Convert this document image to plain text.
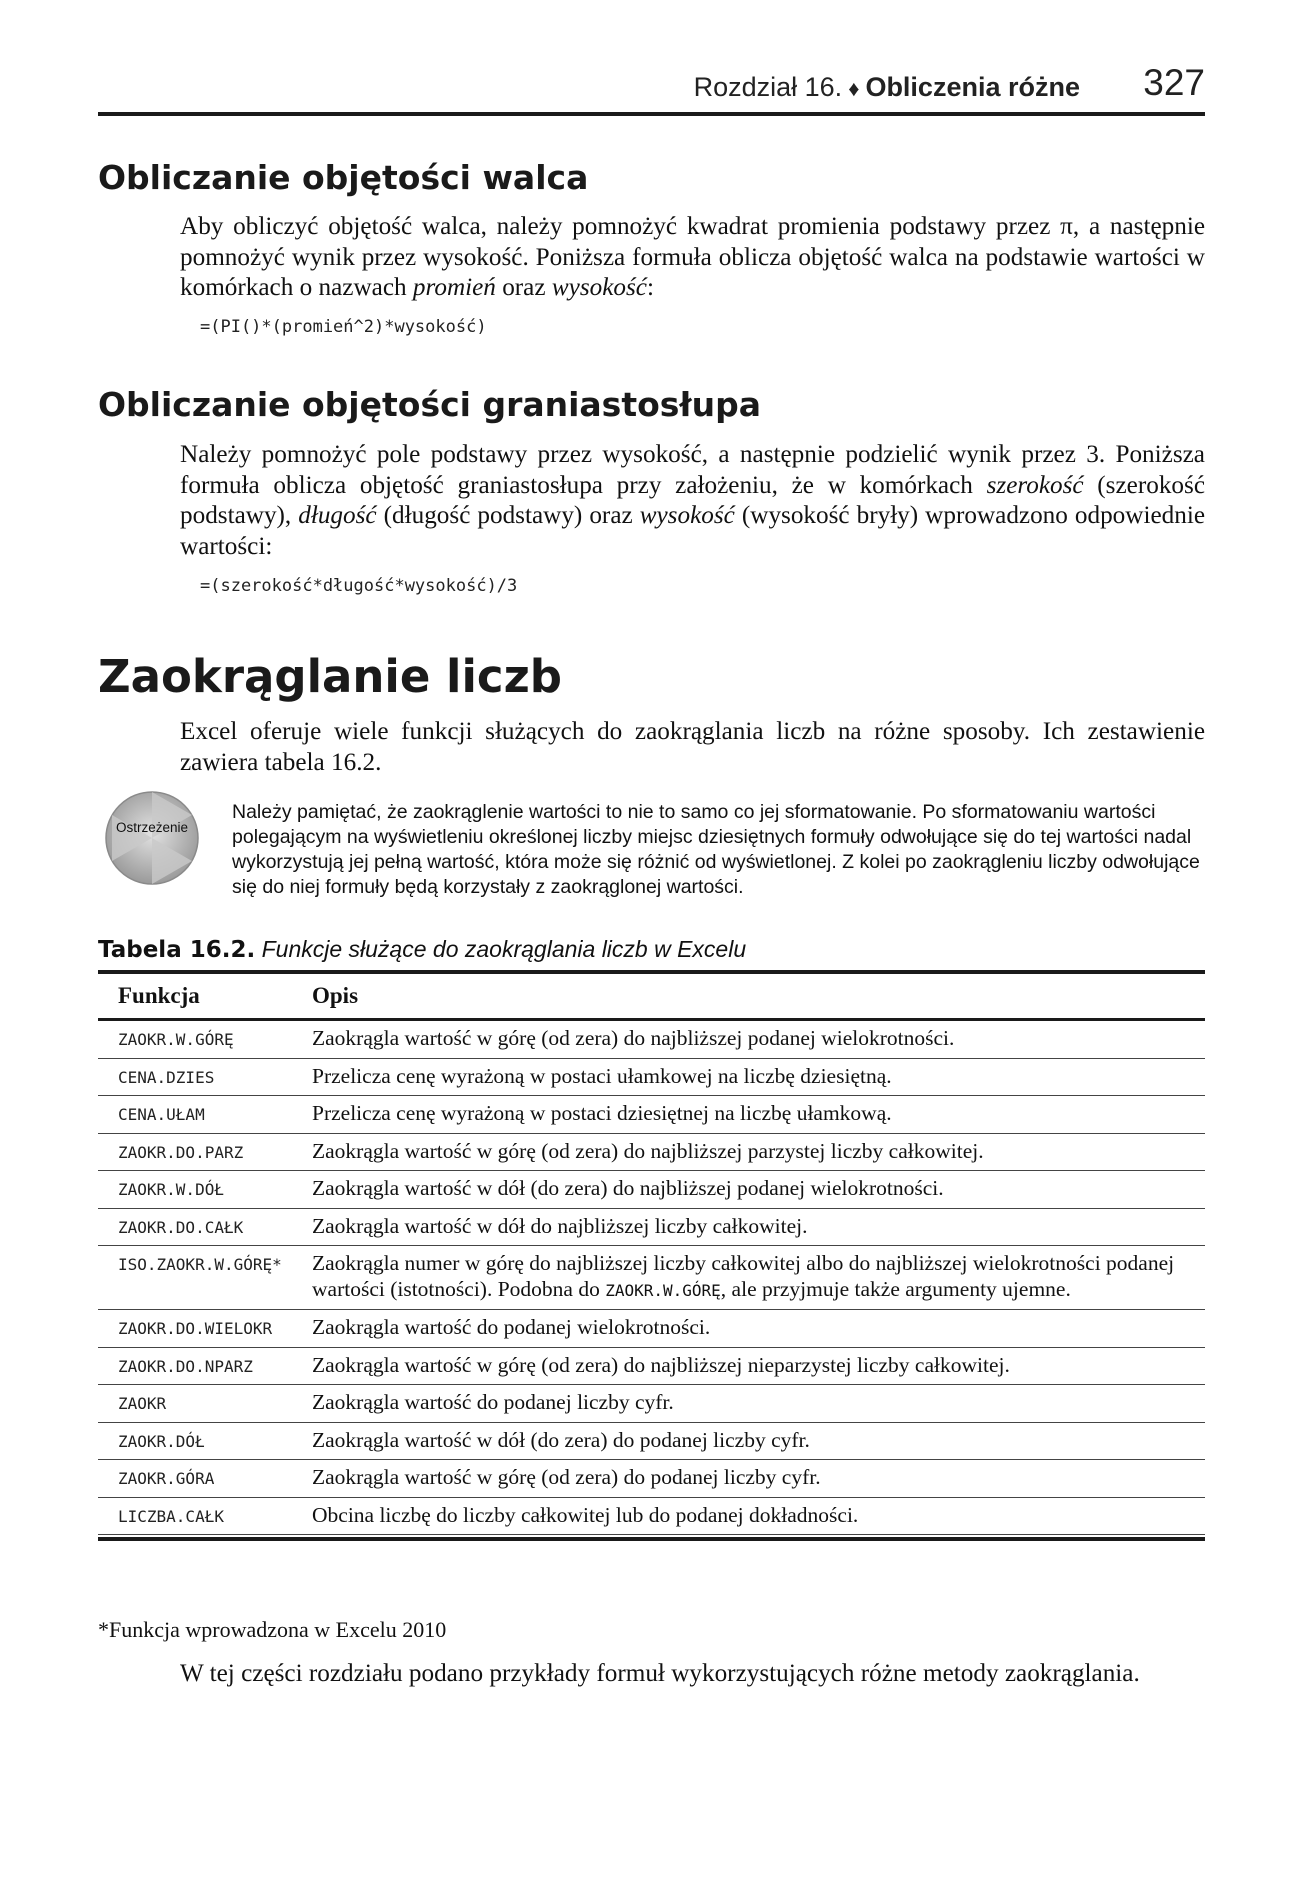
Rozdział 16. ♦ Obliczenia różne 327
Obliczanie objętości walca

Aby obliczyć objętość walca, należy pomnożyć kwadrat promienia podstawy przez π, a następnie pomnożyć wynik przez wysokość. Poniższa formuła oblicza objętość walca na podstawie wartości w komórkach o nazwach promień oraz wysokość:

=(PI()*(promień^2)*wysokość)

Obliczanie objętości graniastosłupa

Należy pomnożyć pole podstawy przez wysokość, a następnie podzielić wynik przez 3. Poniższa formuła oblicza objętość graniastosłupa przy założeniu, że w komórkach szerokość (szerokość podstawy), długość (długość podstawy) oraz wysokość (wysokość bryły) wprowadzono odpowiednie wartości:

=(szerokość*długość*wysokość)/3

Zaokrąglanie liczb

Excel oferuje wiele funkcji służących do zaokrąglania liczb na różne sposoby. Ich zestawienie zawiera tabela 16.2.

Ostrzeżenie

Należy pamiętać, że zaokrąglenie wartości to nie to samo co jej sformatowanie. Po sformatowaniu wartości polegającym na wyświetleniu określonej liczby miejsc dziesiętnych formuły odwołujące się do tej wartości nadal wykorzystują jej pełną wartość, która może się różnić od wyświetlonej. Z kolei po zaokrągleniu liczby odwołujące się do niej formuły będą korzystały z zaokrąglonej wartości.

Tabela 16.2. Funkcje służące do zaokrąglania liczb w Excelu

Funkcja	Opis
ZAOKR.W.GÓRĘ	Zaokrągla wartość w górę (od zera) do najbliższej podanej wielokrotności.
CENA.DZIES	Przelicza cenę wyrażoną w postaci ułamkowej na liczbę dziesiętną.
CENA.UŁAM	Przelicza cenę wyrażoną w postaci dziesiętnej na liczbę ułamkową.
ZAOKR.DO.PARZ	Zaokrągla wartość w górę (od zera) do najbliższej parzystej liczby całkowitej.
ZAOKR.W.DÓŁ	Zaokrągla wartość w dół (do zera) do najbliższej podanej wielokrotności.
ZAOKR.DO.CAŁK	Zaokrągla wartość w dół do najbliższej liczby całkowitej.
ISO.ZAOKR.W.GÓRĘ*	Zaokrągla numer w górę do najbliższej liczby całkowitej albo do najbliższej wielokrotności podanej wartości (istotności). Podobna do ZAOKR.W.GÓRĘ, ale przyjmuje także argumenty ujemne.
ZAOKR.DO.WIELOKR	Zaokrągla wartość do podanej wielokrotności.
ZAOKR.DO.NPARZ	Zaokrągla wartość w górę (od zera) do najbliższej nieparzystej liczby całkowitej.
ZAOKR	Zaokrągla wartość do podanej liczby cyfr.
ZAOKR.DÓŁ	Zaokrągla wartość w dół (do zera) do podanej liczby cyfr.
ZAOKR.GÓRA	Zaokrągla wartość w górę (od zera) do podanej liczby cyfr.
LICZBA.CAŁK	Obcina liczbę do liczby całkowitej lub do podanej dokładności.

*Funkcja wprowadzona w Excelu 2010

W tej części rozdziału podano przykłady formuł wykorzystujących różne metody zaokrąglania.
